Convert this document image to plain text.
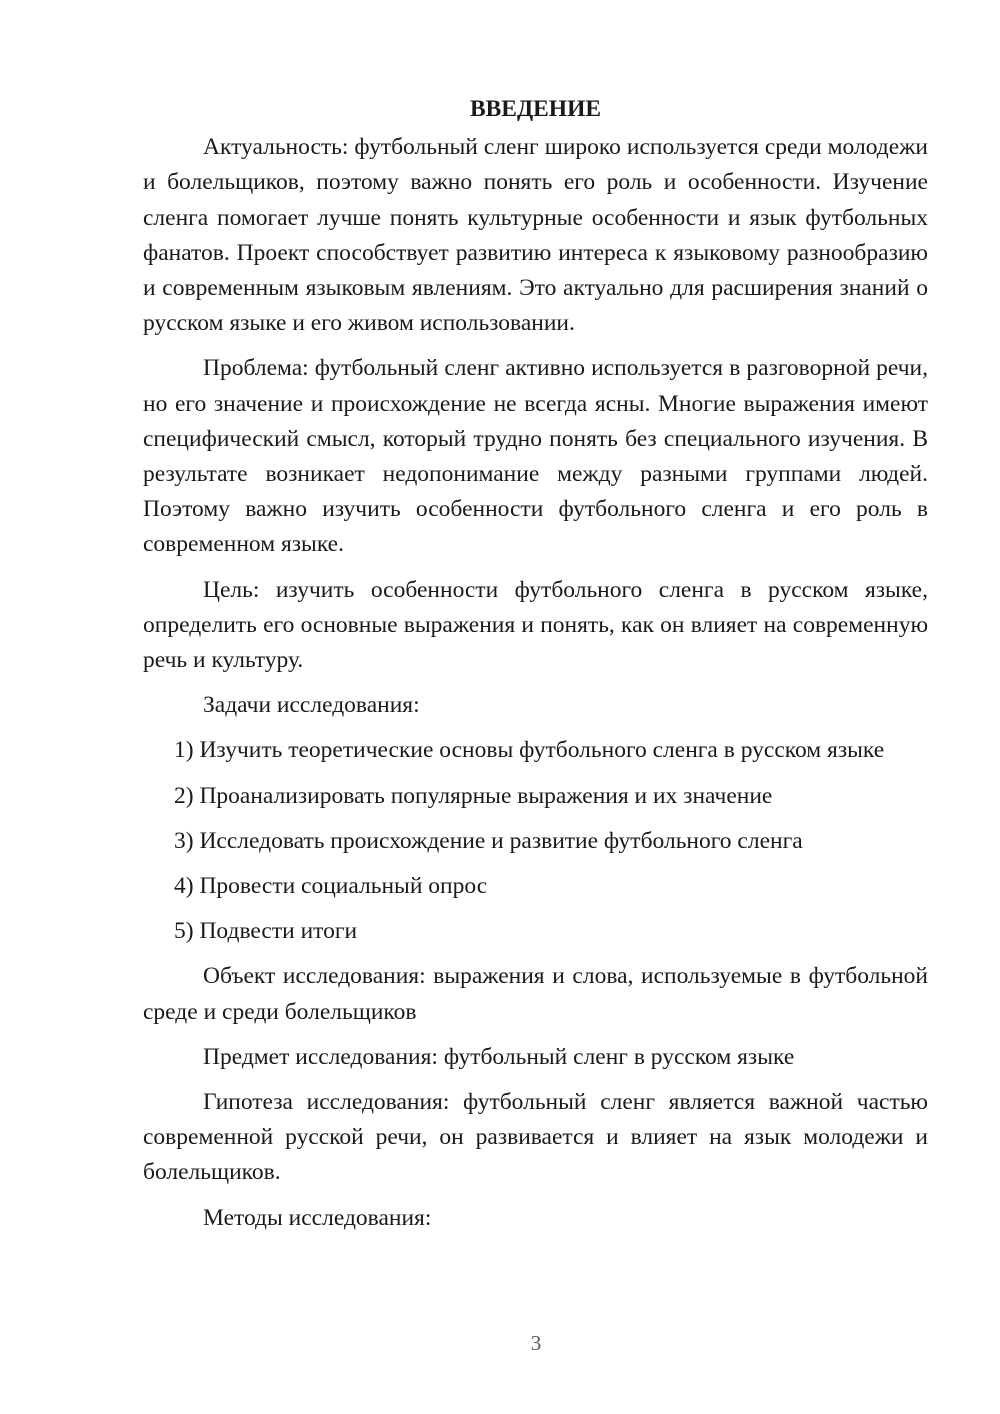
ВВЕДЕНИЕ

Актуальность: футбольный сленг широко используется среди молодежи и болельщиков, поэтому важно понять его роль и особенности. Изучение сленга помогает лучше понять культурные особенности и язык футбольных фанатов. Проект способствует развитию интереса к языковому разнообразию и современным языковым явлениям. Это актуально для расширения знаний о русском языке и его живом использовании.

Проблема: футбольный сленг активно используется в разговорной речи, но его значение и происхождение не всегда ясны. Многие выражения имеют специфический смысл, который трудно понять без специального изучения. В результате возникает недопонимание между разными группами людей. Поэтому важно изучить особенности футбольного сленга и его роль в современном языке.

Цель: изучить особенности футбольного сленга в русском языке, определить его основные выражения и понять, как он влияет на современную речь и культуру.

Задачи исследования:

1) Изучить теоретические основы футбольного сленга в русском языке
2) Проанализировать популярные выражения и их значение
3) Исследовать происхождение и развитие футбольного сленга
4) Провести социальный опрос
5) Подвести итоги

Объект исследования: выражения и слова, используемые в футбольной среде и среди болельщиков

Предмет исследования: футбольный сленг в русском языке

Гипотеза исследования: футбольный сленг является важной частью современной русской речи, он развивается и влияет на язык молодежи и болельщиков.

Методы исследования:

3
